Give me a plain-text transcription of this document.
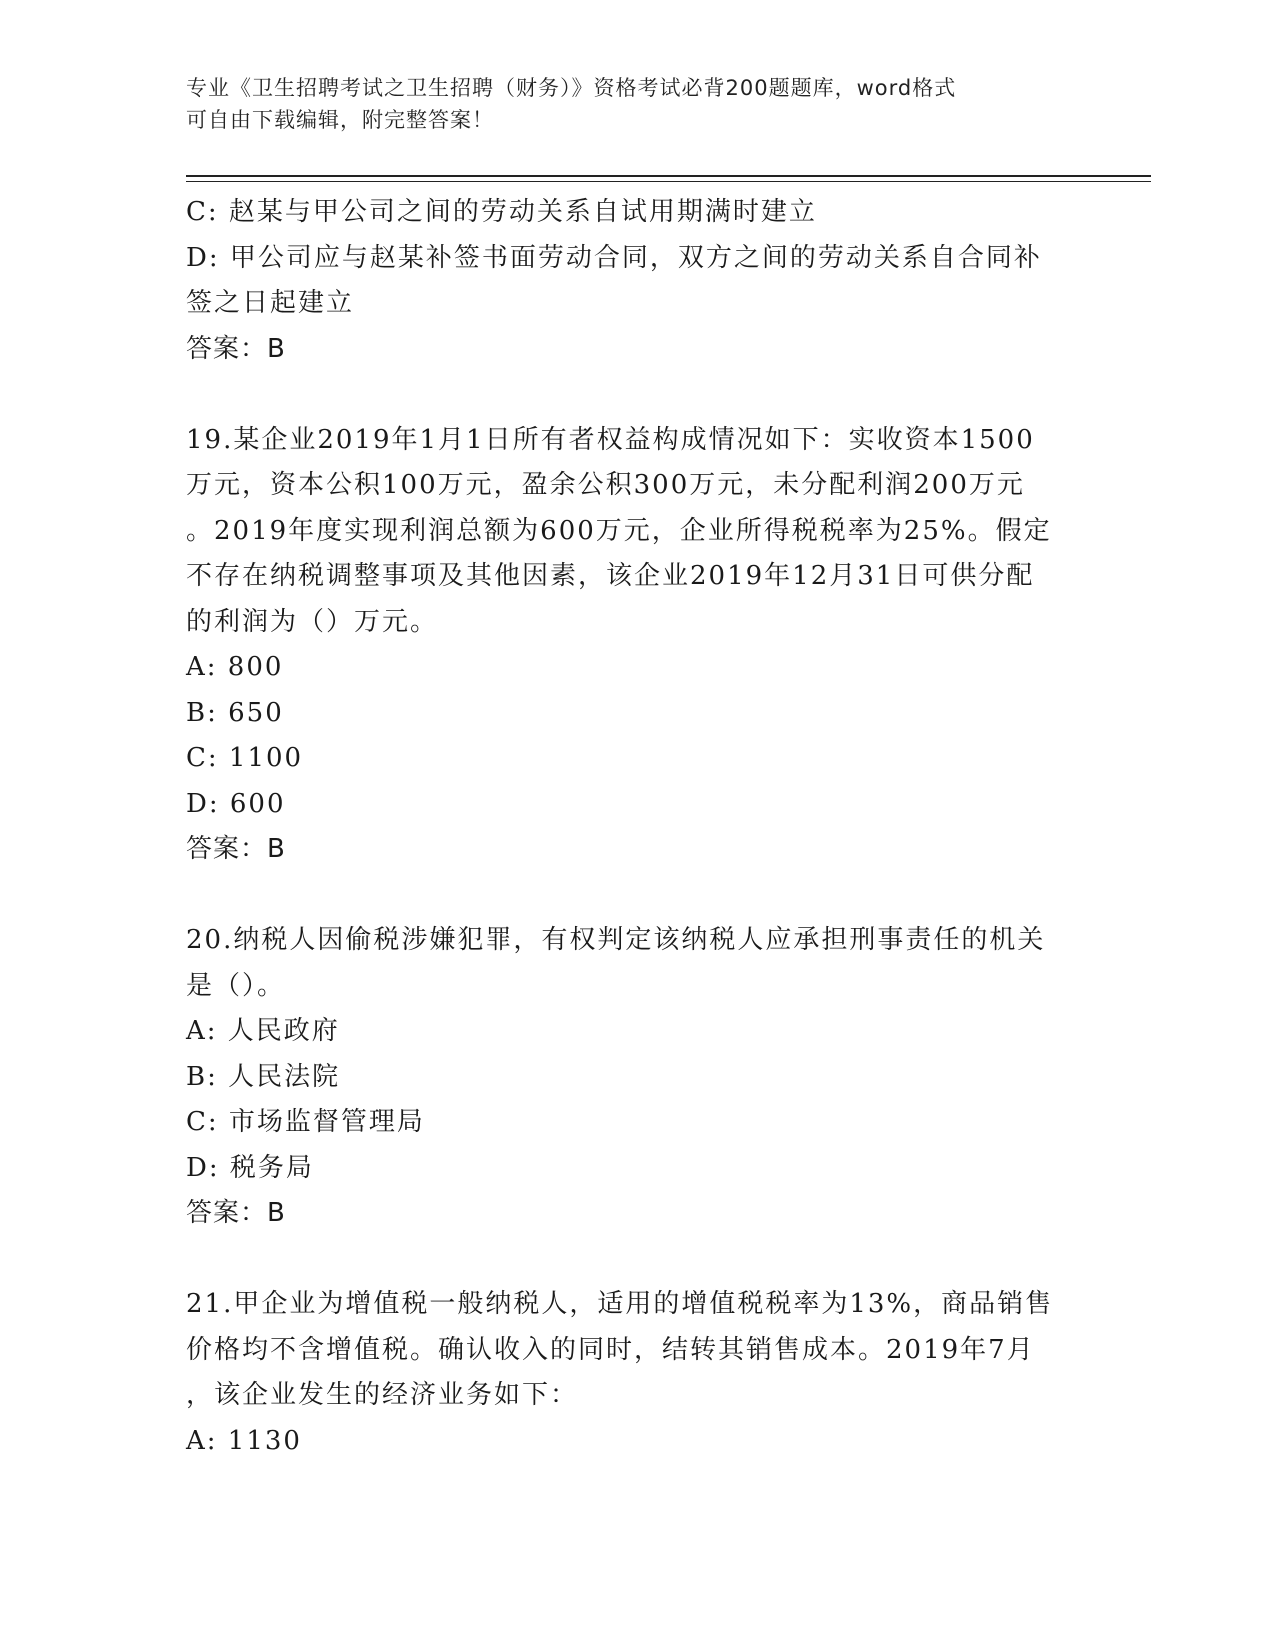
专业《卫生招聘考试之卫生招聘（财务）》资格考试必背200题题库，word格式
可自由下载编辑，附完整答案！
C: 赵某与甲公司之间的劳动关系自试用期满时建立
D: 甲公司应与赵某补签书面劳动合同，双方之间的劳动关系自合同补
签之日起建立
答案：B
19.某企业2019年1月1日所有者权益构成情况如下：实收资本1500
万元，资本公积100万元，盈余公积300万元，未分配利润200万元
。2019年度实现利润总额为600万元，企业所得税税率为25%。假定
不存在纳税调整事项及其他因素，该企业2019年12月31日可供分配
的利润为（）万元。
A: 800
B: 650
C: 1100
D: 600
答案：B
20.纳税人因偷税涉嫌犯罪，有权判定该纳税人应承担刑事责任的机关
是（）。
A: 人民政府
B: 人民法院
C: 市场监督管理局
D: 税务局
答案：B
21.甲企业为增值税一般纳税人，适用的增值税税率为13%，商品销售
价格均不含增值税。确认收入的同时，结转其销售成本。2019年7月
，该企业发生的经济业务如下：
A: 1130
